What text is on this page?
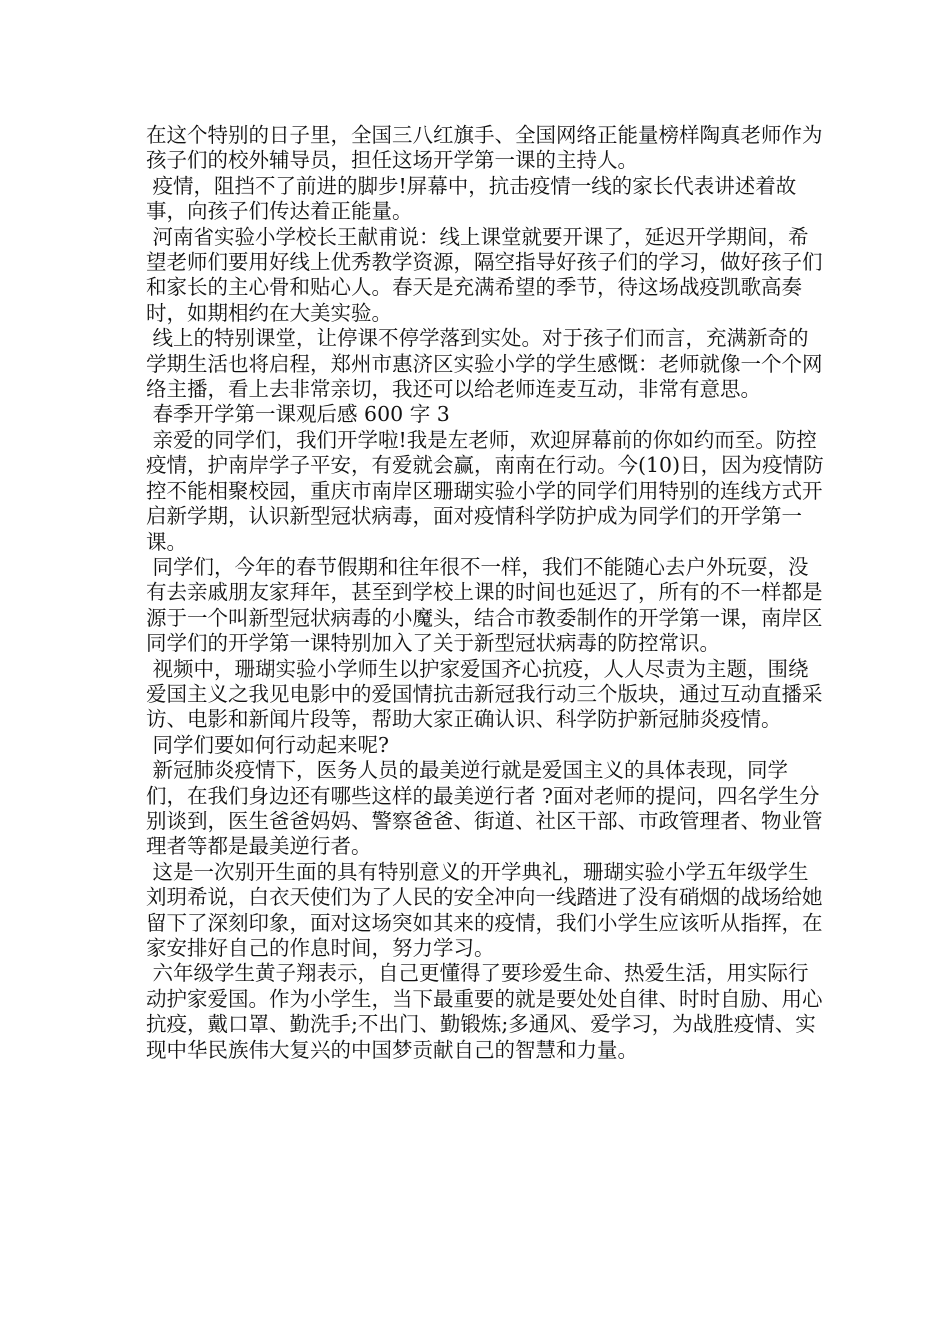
在这个特别的日子里，全国三八红旗手、全国网络正能量榜样陶真老师作为孩子们的校外辅导员，担任这场开学第一课的主持人。

疫情，阻挡不了前进的脚步!屏幕中，抗击疫情一线的家长代表讲述着故事，向孩子们传达着正能量。

河南省实验小学校长王献甫说：线上课堂就要开课了，延迟开学期间，希望老师们要用好线上优秀教学资源，隔空指导好孩子们的学习，做好孩子们和家长的主心骨和贴心人。春天是充满希望的季节，待这场战疫凯歌高奏时，如期相约在大美实验。

线上的特别课堂，让停课不停学落到实处。对于孩子们而言，充满新奇的学期生活也将启程，郑州市惠济区实验小学的学生感慨：老师就像一个个网络主播，看上去非常亲切，我还可以给老师连麦互动，非常有意思。

春季开学第一课观后感 600 字 3

亲爱的同学们，我们开学啦!我是左老师，欢迎屏幕前的你如约而至。防控疫情，护南岸学子平安，有爱就会赢，南南在行动。今(10)日，因为疫情防控不能相聚校园，重庆市南岸区珊瑚实验小学的同学们用特别的连线方式开启新学期，认识新型冠状病毒，面对疫情科学防护成为同学们的开学第一课。

同学们，今年的春节假期和往年很不一样，我们不能随心去户外玩耍，没有去亲戚朋友家拜年，甚至到学校上课的时间也延迟了，所有的不一样都是源于一个叫新型冠状病毒的小魔头，结合市教委制作的开学第一课，南岸区同学们的开学第一课特别加入了关于新型冠状病毒的防控常识。

视频中，珊瑚实验小学师生以护家爱国齐心抗疫，人人尽责为主题，围绕爱国主义之我见电影中的爱国情抗击新冠我行动三个版块，通过互动直播采访、电影和新闻片段等，帮助大家正确认识、科学防护新冠肺炎疫情。

同学们要如何行动起来呢?

新冠肺炎疫情下，医务人员的最美逆行就是爱国主义的具体表现，同学们，在我们身边还有哪些这样的最美逆行者 ?面对老师的提问，四名学生分别谈到，医生爸爸妈妈、警察爸爸、街道、社区干部、市政管理者、物业管理者等都是最美逆行者。

这是一次别开生面的具有特别意义的开学典礼，珊瑚实验小学五年级学生刘玥希说，白衣天使们为了人民的安全冲向一线踏进了没有硝烟的战场给她留下了深刻印象，面对这场突如其来的疫情，我们小学生应该听从指挥，在家安排好自己的作息时间，努力学习。

六年级学生黄子翔表示，自己更懂得了要珍爱生命、热爱生活，用实际行动护家爱国。作为小学生，当下最重要的就是要处处自律、时时自励、用心抗疫，戴口罩、勤洗手;不出门、勤锻炼;多通风、爱学习，为战胜疫情、实现中华民族伟大复兴的中国梦贡献自己的智慧和力量。
